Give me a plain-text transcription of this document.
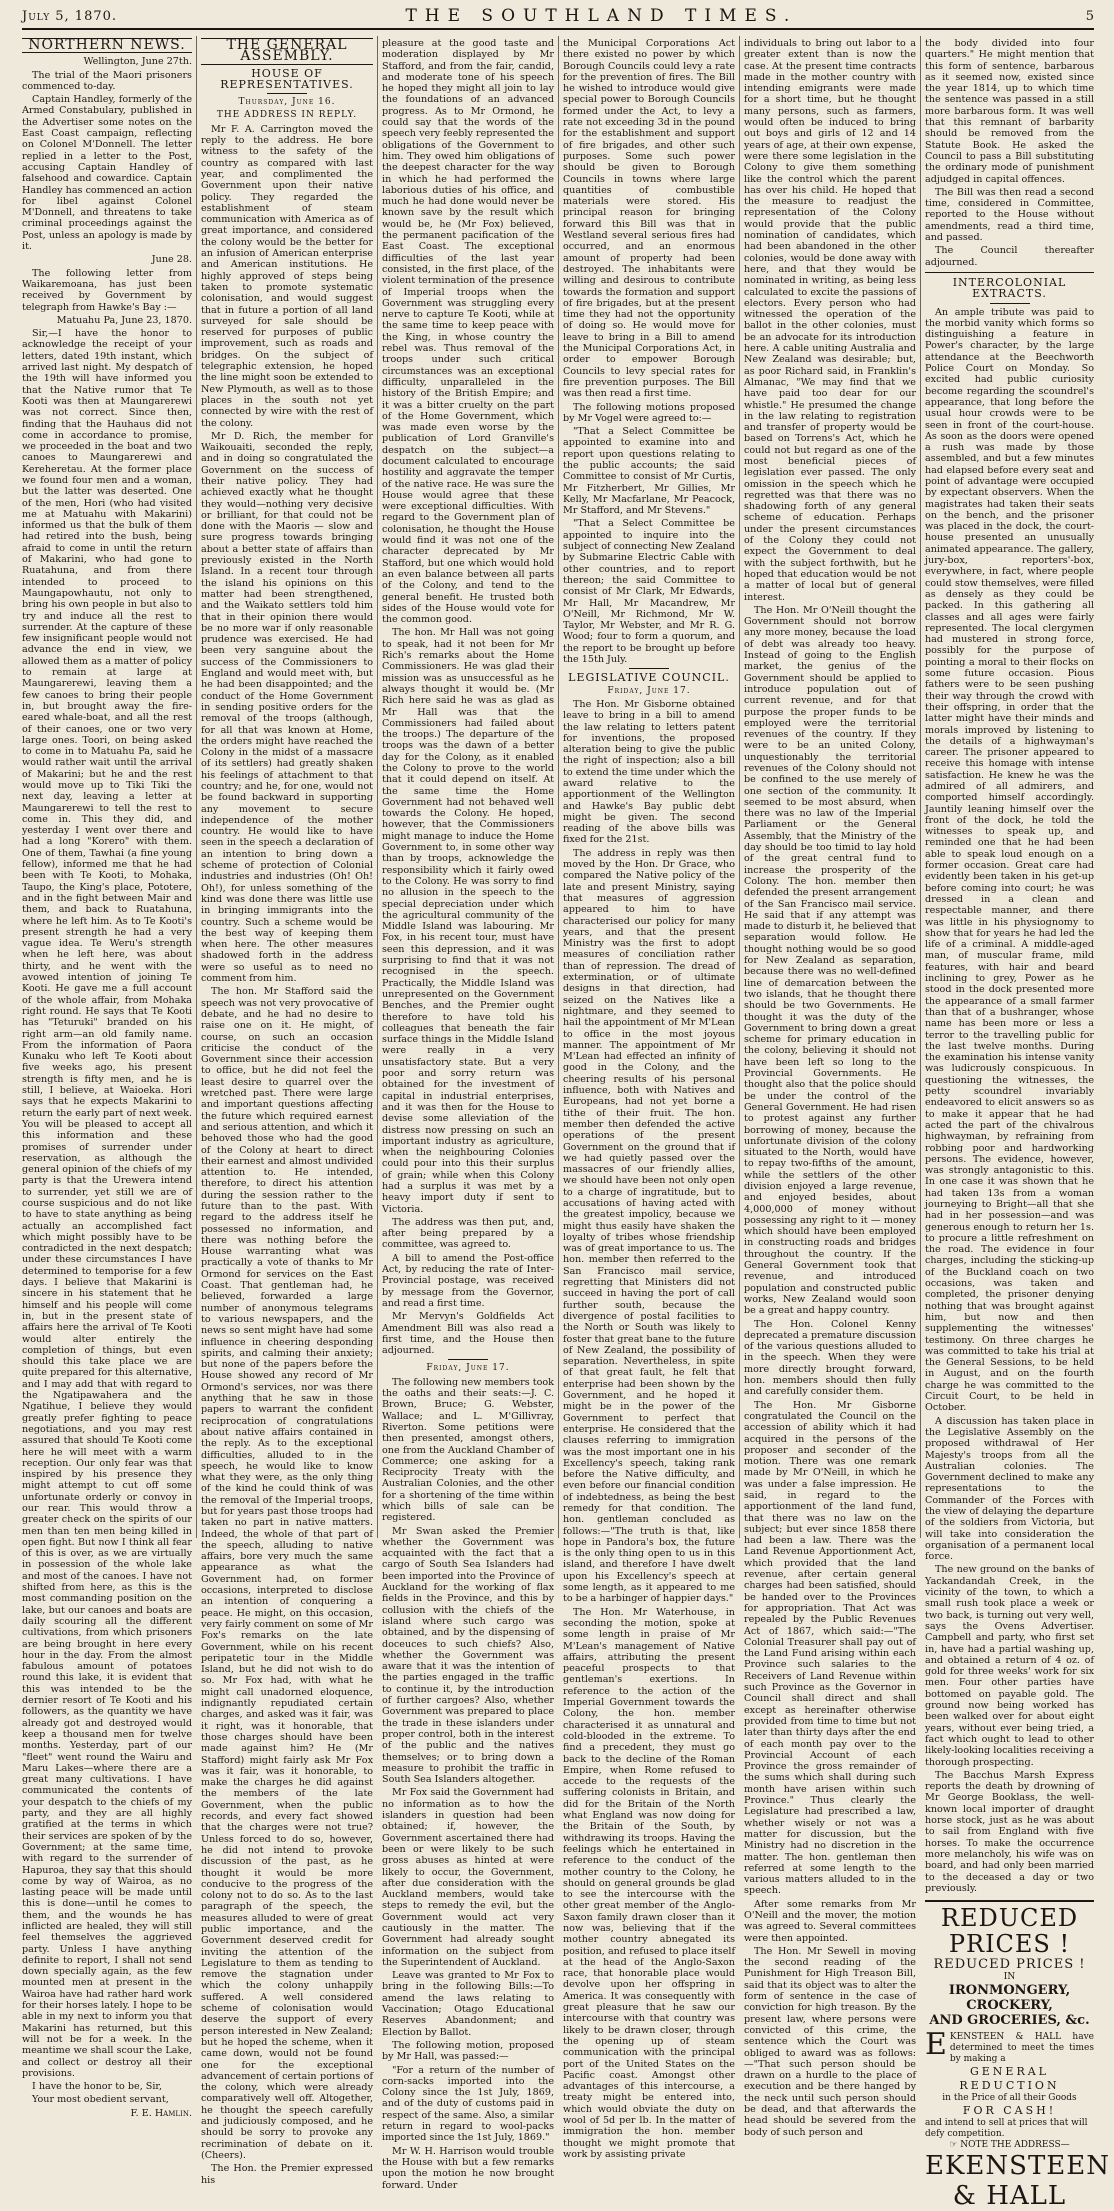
July 5, 1870.	THE SOUTHLAND TIMES.	5
NORTHERN NEWS.

Wellington, June 27th.

The trial of the Maori prisoners commenced to-day.

Captain Handley, formerly of the Armed Constabulary, published in the Advertiser some notes on the East Coast campaign, reflecting on Colonel M'Donnell. The letter replied in a letter to the Post, accusing Captain Handley of falsehood and cowardice. Captain Handley has commenced an action for libel against Colonel M'Donnell, and threatens to take criminal proceedings against the Post, unless an apology is made by it.

June 28.

The following letter from Waikaremoana, has just been received by Government by telegraph from Hawke's Bay :—

Matuahu Pa, June 23, 1870.

Sir,—I have the honor to acknowledge the receipt of your letters, dated 19th instant, which arrived last night. My despatch of the 19th will have informed you that the Native rumor that Te Kooti was then at Maungarerewi was not correct. Since then, finding that the Hauhaus did not come in accordance to promise, we proceeded in the boat and two canoes to Maungarerewi and Kereheretau. At the former place we found four men and a woman, but the latter was deserted. One of the men, Hori (who had visited me at Matuahu with Makarini) informed us that the bulk of them had retired into the bush, being afraid to come in until the return of Makarini, who had gone to Ruatahuna, and from there intended to proceed to Maungapowhautu, not only to bring his own people in but also to try and induce all the rest to surrender. At the capture of these few insignificant people would not advance the end in view, we allowed them as a matter of policy to remain at large at Maungarerewi, leaving them a few canoes to bring their people in, but brought away the fire-eared whale-boat, and all the rest of their canoes, one or two very large ones. Toori, on being asked to come in to Matuahu Pa, said he would rather wait until the arrival of Makarini; but he and the rest would move up to Tiki Tiki the next day, leaving a letter at Maungarerewi to tell the rest to come in. This they did, and yesterday I went over there and had a long "Korero" with them. One of them, Tawhai (a fine young fellow), informed me that he had been with Te Kooti, to Mohaka, Taupo, the King's place, Pototere, and in the fight between Mair and them, and back to Ruatahuna, where he left him. As to Te Kooti's present strength he had a very vague idea. Te Weru's strength when he left here, was about thirty, and he went with the avowed intention of joining Te Kooti. He gave me a full account of the whole affair, from Mohaka right round. He says that Te Kooti has "Teturuki" branded on his right arm—an old family name. From the information of Paora Kunaku who left Te Kooti about five weeks ago, his present strength is fifty men, and he is still, I believe, at Waioeka. Hori says that he expects Makarini to return the early part of next week. You will be pleased to accept all this information and these promises of surrender under reservation, as although the general opinion of the chiefs of my party is that the Urewera intend to surrender, yet still we are of course suspicious and do not like to have to state anything as being actually an accomplished fact which might possibly have to be contradicted in the next despatch; under these circumstances I have determined to temporise for a few days. I believe that Makarini is sincere in his statement that he himself and his people will come in, but in the present state of affairs here the arrival of Te Kooti would alter entirely the completion of things, but even should this take place we are quite prepared for this alternative, and I may add that with regard to the Ngatipawahera and the Ngatihue, I believe they would greatly prefer fighting to peace negotiations, and you may rest assured that should Te Kooti come here he will meet with a warm reception. Our only fear was that inspired by his presence they might attempt to cut off some unfortunate orderly or convoy in our rear. This would throw a greater check on the spirits of our men than ten men being killed in open fight. But now I think all fear of this is over, as we are virtually in possession of the whole lake and most of the canoes. I have not shifted from here, as this is the most commanding position on the lake, but our canoes and boats are daily scouring all the different cultivations, from which prisoners are being brought in here every hour in the day. From the almost fabulous amount of potatoes round this lake, it is evident that this was intended to be the dernier resort of Te Kooti and his followers, as the quantity we have already got and destroyed would keep a thousand men for twelve months. Yesterday, part of our "fleet" went round the Wairu and Maru Lakes—where there are a great many cultivations. I have communicated the contents of your despatch to the chiefs of my party, and they are all highly gratified at the terms in which their services are spoken of by the Government; at the same time, with regard to the surrender of Hapuroa, they say that this should come by way of Wairoa, as no lasting peace will be made until this is done—until he comes to them, and the wounds he has inflicted are healed, they will still feel themselves the aggrieved party. Unless I have anything definite to report, I shall not send down specially again, as the few mounted men at present in the Wairoa have had rather hard work for their horses lately. I hope to be able in my next to inform you that Makarini has returned, but this will not be for a week. In the meantime we shall scour the Lake, and collect or destroy all their provisions.

I have the honor to be, Sir,

Your most obedient servant,

F. E. Hamlin.

THE GENERAL ASSEMBLY.
HOUSE OF REPRESENTATIVES.
Thursday, June 16.
THE ADDRESS IN REPLY.

Mr F. A. Carrington moved the reply to the address. He bore witness to the safety of the country as compared with last year, and complimented the Government upon their native policy. They regarded the establishment of steam communication with America as of great importance, and considered the colony would be the better for an infusion of American enterprise and American institutions. He highly approved of steps being taken to promote systematic colonisation, and would suggest that in future a portion of all land surveyed for sale should be reserved for purposes of public improvement, such as roads and bridges. On the subject of telegraphic extension, he hoped the line might soon be extended to New Plymouth, as well as to those places in the south not yet connected by wire with the rest of the colony.

Mr D. Rich, the member for Waikouaiti, seconded the reply, and in doing so congratulated the Government on the success of their native policy. They had achieved exactly what he thought they would—nothing very decisive or brilliant, for that could not be done with the Maoris — slow and sure progress towards bringing about a better state of affairs than previously existed in the North Island. In a recent tour through the island his opinions on this matter had been strengthened, and the Waikato settlers told him that in their opinion there would be no more war if only reasonable prudence was exercised. He had been very sanguine about the success of the Commissioners to England and would meet with, but he had been disappointed; and the conduct of the Home Government in sending positive orders for the removal of the troops (although, for all that was known at Home, the orders might have reached the Colony in the midst of a massacre of its settlers) had greatly shaken his feelings of attachment to that country; and he, for one, would not be found backward in supporting any movement to secure independence of the mother country. He would like to have seen in the speech a declaration of an intention to bring down a scheme of protection of Colonial industries and industries (Oh! Oh! Oh!), for unless something of the kind was done there was little use in bringing immigrants into the country. Such a scheme would be the best way of keeping them when here. The other measures shadowed forth in the address were so useful as to need no comment from him.

The hon. Mr Stafford said the speech was not very provocative of debate, and he had no desire to raise one on it. He might, of course, on such an occasion criticise the conduct of the Government since their accession to office, but he did not feel the least desire to quarrel over the wretched past. There were large and important questions affecting the future which required earnest and serious attention, and which it behoved those who had the good of the Colony at heart to direct their earnest and almost undivided attention to. He intended, therefore, to direct his attention during the session rather to the future than to the past. With regard to the address itself he possessed no information, and there was nothing before the House warranting what was practically a vote of thanks to Mr Ormond for services on the East Coast. That gentleman had, he believed, forwarded a large number of anonymous telegrams to various newspapers, and the news so sent might have had some influence in cheering desponding spirits, and calming their anxiety; but none of the papers before the House showed any record of Mr Ormond's services, nor was there anything that he saw in those papers to warrant the confident reciprocation of congratulations about native affairs contained in the reply. As to the exceptional difficulties, alluded to in the speech, he would like to know what they were, as the only thing of the kind he could think of was the removal of the Imperial troops, but for years past those troops had taken no part in native matters. Indeed, the whole of that part of the speech, alluding to native affairs, bore very much the same appearance as what the Government had, on former occasions, interpreted to disclose an intention of conquering a peace. He might, on this occasion, very fairly comment on some of Mr Fox's remarks on the late Government, while on his recent peripatetic tour in the Middle Island, but he did not wish to do so. Mr Fox had, with what he might call unadorned eloquence, indignantly repudiated certain charges, and asked was it fair, was it right, was it honorable, that those charges should have been made against him? He (Mr Stafford) might fairly ask Mr Fox was it fair, was it honorable, to make the charges he did against the members of the late Government, when the public records, and every fact showed that the charges were not true? Unless forced to do so, however, he did not intend to provoke discussion of the past, as he thought it would be more conducive to the progress of the colony not to do so. As to the last paragraph of the speech, the measures alluded to were of great public importance, and the Government deserved credit for inviting the attention of the Legislature to them as tending to remove the stagnation under which the colony unhappily suffered. A well considered scheme of colonisation would deserve the support of every person interested in New Zealand; but he hoped the scheme, when it came down, would not be found one for the exceptional advancement of certain portions of the colony, which were already comparatively well off. Altogether, he thought the speech carefully and judiciously composed, and he should be sorry to provoke any recrimination of debate on it. (Cheers).

The Hon. the Premier expressed his

pleasure at the good taste and moderation displayed by Mr Stafford, and from the fair, candid, and moderate tone of his speech he hoped they might all join to lay the foundations of an advanced progress. As to Mr Ormond, he could say that the words of the speech very feebly represented the obligations of the Government to him. They owed him obligations of the deepest character for the way in which he had performed the laborious duties of his office, and much he had done would never be known save by the result which would be, he (Mr Fox) believed, the permanent pacification of the East Coast. The exceptional difficulties of the last year consisted, in the first place, of the violent termination of the presence of Imperial troops when the Government was struggling every nerve to capture Te Kooti, while at the same time to keep peace with the King, in whose country the rebel was. Thus removal of the troops under such critical circumstances was an exceptional difficulty, unparalleled in the history of the British Empire; and it was a bitter cruelty on the part of the Home Government, which was made even worse by the publication of Lord Granville's despatch on the subject—a document calculated to encourage hostility and aggravate the temper of the native race. He was sure the House would agree that these were exceptional difficulties. With regard to the Government plan of colonisation, he thought the House would find it was not one of the character deprecated by Mr Stafford, but one which would hold an even balance between all parts of the Colony, and tend to the general benefit. He trusted both sides of the House would vote for the common good.

The hon. Mr Hall was not going to speak, had it not been for Mr Rich's remarks about the Home Commissioners. He was glad their mission was as unsuccessful as he always thought it would be. (Mr Rich here said he was as glad as Mr Hall was that the Commissioners had failed about the troops.) The departure of the troops was the dawn of a better day for the Colony, as it enabled the Colony to prove to the world that it could depend on itself. At the same time the Home Government had not behaved well towards the Colony. He hoped, however, that the Commissioners might manage to induce the Home Government to, in some other way than by troops, acknowledge the responsibility which it fairly owed to the Colony. He was sorry to find no allusion in the speech to the special depreciation under which the agricultural community of the Middle Island was labouring. Mr Fox, in his recent tour, must have seen this depression, and it was surprising to find that it was not recognised in the speech. Practically, the Middle Island was unrepresented on the Government Benches, and the Premier ought therefore to have told his colleagues that beneath the fair surface things in the Middle Island were really in a very unsatisfactory state. But a very poor and sorry return was obtained for the investment of capital in industrial enterprises, and it was then for the House to devise some alleviation of the distress now pressing on such an important industry as agriculture, when the neighbouring Colonies could pour into this their surplus of grain; while when this Colony had a surplus it was met by a heavy import duty if sent to Victoria.

The address was then put, and, after being prepared by a committee, was agreed to.

A bill to amend the Post-office Act, by reducing the rate of Inter-Provincial postage, was received by message from the Governor, and read a first time.

Mr Mervyn's Goldfields Act Amendment Bill was also read a first time, and the House then adjourned.

Friday, June 17.

The following new members took the oaths and their seats:—J. C. Brown, Bruce; G. Webster, Wallace; and L. M'Gillivray, Riverton. Some petitions were then presented, amongst others, one from the Auckland Chamber of Commerce; one asking for a Reciprocity Treaty with the Australian Colonies, and the other for a shortening of the time within which bills of sale can be registered.

Mr Swan asked the Premier whether the Government was acquainted with the fact that a cargo of South Sea Islanders had been imported into the Province of Auckland for the working of flax fields in the Province, and this by collusion with the chiefs of the island where such cargo was obtained, and by the dispensing of doceuces to such chiefs? Also, whether the Government was aware that it was the intention of the parties engaged in the traffic to continue it, by the introduction of further cargoes? Also, whether Government was prepared to place the trade in these islanders under proper control, both in the interest of the public and the natives themselves; or to bring down a measure to prohibit the traffic in South Sea Islanders altogether.

Mr Fox said the Government had no information as to how the islanders in question had been obtained; if, however, the Government ascertained there had been or were likely to be such gross abuses as hinted at were likely to occur, the Government, after due consideration with the Auckland members, would take steps to remedy the evil, but the Government would act very cautiously in the matter. The Government had already sought information on the subject from the Superintendent of Auckland.

Leave was granted to Mr Fox to bring in the following Bills:—To amend the laws relating to Vaccination; Otago Educational Reserves Abandonment; and Election by Ballot.

The following motion, proposed by Mr Hall, was passed:—

"For a return of the number of corn-sacks imported into the Colony since the 1st July, 1869, and of the duty of customs paid in respect of the same. Also, a similar return in regard to wool-packs imported since the 1st July, 1869."

Mr W. H. Harrison would trouble the House with but a few remarks upon the motion he now brought forward. Under

the Municipal Corporations Act there existed no power by which Borough Councils could levy a rate for the prevention of fires. The Bill he wished to introduce would give special power to Borough Councils formed under the Act, to levy a rate not exceeding 3d in the pound for the establishment and support of fire brigades, and other such purposes. Some such power should be given to Borough Councils in towns where large quantities of combustible materials were stored. His principal reason for bringing forward this Bill was that in Westland several serious fires had occurred, and an enormous amount of property had been destroyed. The inhabitants were willing and desirous to contribute towards the formation and support of fire brigades, but at the present time they had not the opportunity of doing so. He would move for leave to bring in a Bill to amend the Municipal Corporations Act, in order to empower Borough Councils to levy special rates for fire prevention purposes. The Bill was then read a first time.

The following motions proposed by Mr Vogel were agreed to:—

"That a Select Committee be appointed to examine into and report upon questions relating to the public accounts; the said Committee to consist of Mr Curtis, Mr Fitzherbert, Mr Gillies, Mr Kelly, Mr Macfarlane, Mr Peacock, Mr Stafford, and Mr Stevens."

"That a Select Committee be appointed to inquire into the subject of connecting New Zealand by Submarine Electric Cable with other countries, and to report thereon; the said Committee to consist of Mr Clark, Mr Edwards, Mr Hall, Mr Macandrew, Mr O'Neill, Mr Richmond, Mr W. Taylor, Mr Webster, and Mr R. G. Wood; four to form a quorum, and the report to be brought up before the 15th July.

LEGISLATIVE COUNCIL.
Friday, June 17.

The Hon. Mr Gisborne obtained leave to bring in a bill to amend the law relating to letters patent for inventions, the proposed alteration being to give the public the right of inspection; also a bill to extend the time under which the award relative to the apportionment of the Wellington and Hawke's Bay public debt might be given. The second reading of the above bills was fixed for the 21st.

The address in reply was then moved by the Hon. Dr Grace, who compared the Native policy of the late and present Ministry, saying that measures of aggression appeared to him to have characterised our policy for many years, and that the present Ministry was the first to adopt measures of conciliation rather than of repression. The dread of extermination, or of ultimate designs in that direction, had seized on the Natives like a nightmare, and they seemed to hail the appointment of Mr M'Lean to office in the most joyous manner. The appointment of Mr M'Lean had effected an infinity of good in the Colony, and the cheering results of his personal influence, both with Natives and Europeans, had not yet borne a tithe of their fruit. The hon. member then defended the active operations of the present Government on the ground that if we had quietly passed over the massacres of our friendly allies, we should have been not only open to a charge of ingratitude, but to accusations of having acted with the greatest impolicy, because we might thus easily have shaken the loyalty of tribes whose friendship was of great importance to us. The hon. member then referred to the San Francisco mail service, regretting that Ministers did not succeed in having the port of call further south, because the divergence of postal facilities to the North or South was likely to foster that great bane to the future of New Zealand, the possibility of separation. Nevertheless, in spite of that great fault, he felt that enterprise had been shown by the Government, and he hoped it might be in the power of the Government to perfect that enterprise. He considered that the clauses referring to immigration was the most important one in his Excellency's speech, taking rank before the Native difficulty, and even before our financial condition of indebtedness, as being the best remedy for that condition. The hon. gentleman concluded as follows:—"The truth is that, like hope in Pandora's box, the future is the only thing open to us in this island, and therefore I have dwelt upon his Excellency's speech at some length, as it appeared to me to be a harbinger of happier days."

The Hon. Mr Waterhouse, in seconding the motion, spoke at some length in praise of Mr M'Lean's management of Native affairs, attributing the present peaceful prospects to that gentleman's exertions. In reference to the action of the Imperial Government towards the Colony, the hon. member characterised it as unnatural and cold-blooded in the extreme. To find a precedent, they must go back to the decline of the Roman Empire, when Rome refused to accede to the requests of the suffering colonists in Britain, and did for the Britain of the North what England was now doing for the Britain of the South, by withdrawing its troops. Having the feelings which he entertained in reference to the conduct of the mother country to the Colony, he should on general grounds be glad to see the intercourse with the other great member of the Anglo-Saxon family drawn closer than it now was, believing that if the mother country abnegated its position, and refused to place itself at the head of the Anglo-Saxon race, that honorable place would devolve upon her offspring in America. It was consequently with great pleasure that he saw our intercourse with that country was likely to be drawn closer, through the opening up of steam communication with the principal port of the United States on the Pacific coast. Amongst other advantages of this intercourse, a treaty might be entered into, which would obviate the duty on wool of 5d per lb. In the matter of immigration the hon. member thought we might promote that work by assisting private

individuals to bring out labor to a greater extent than is now the case. At the present time contracts made in the mother country with intending emigrants were made for a short time, but he thought many persons, such as farmers, would often be induced to bring out boys and girls of 12 and 14 years of age, at their own expense, were there some legislation in the Colony to give them something like the control which the parent has over his child. He hoped that the measure to readjust the representation of the Colony would provide that the public nomination of candidates, which had been abandoned in the other colonies, would be done away with here, and that they would be nominated in writing, as being less calculated to excite the passions of electors. Every person who had witnessed the operation of the ballot in the other colonies, must be an advocate for its introduction here. A cable uniting Australia and New Zealand was desirable; but, as poor Richard said, in Franklin's Almanac, "We may find that we have paid too dear for our whistle." He presumed the change in the law relating to registration and transfer of property would be based on Torrens's Act, which he could not but regard as one of the most beneficial pieces of legislation ever passed. The only omission in the speech which he regretted was that there was no shadowing forth of any general scheme of education. Perhaps under the present circumstances of the Colony they could not expect the Government to deal with the subject forthwith, but he hoped that education would be not a matter of local but of general interest.

The Hon. Mr O'Neill thought the Government should not borrow any more money, because the load of debt was already too heavy. Instead of going to the English market, the genius of the Government should be applied to introduce population out of current revenue, and for that purpose the proper funds to be employed were the territorial revenues of the country. If they were to be an united Colony, unquestionably the territorial revenues of the Colony should not be confined to the use merely of one section of the community. It seemed to be most absurd, when there was no law of the Imperial Parliament or the General Assembly, that the Ministry of the day should be too timid to lay hold of the great central fund to increase the prosperity of the Colony. The hon. member then defended the present arrangement of the San Francisco mail service. He said that if any attempt was made to disturb it, he believed that separation would follow. He thought nothing would be so good for New Zealand as separation, because there was no well-defined line of demarcation between the two islands, that he thought there should be two Governments. He thought it was the duty of the Government to bring down a great scheme for primary education in the colony, believing it should not have been left so long to the Provincial Governments. He thought also that the police should be under the control of the General Government. He had risen to protest against any further borrowing of money, because the unfortunate division of the colony situated to the North, would have to repay two-fifths of the amount, while the settlers of the other division enjoyed a large revenue, and enjoyed besides, about 4,000,000 of money without possessing any right to it — money which should have been employed in constructing roads and bridges throughout the country. If the General Government took that revenue, and introduced population and constructed public works, New Zealand would soon be a great and happy country.

The Hon. Colonel Kenny deprecated a premature discussion of the various questions alluded to in the speech. When they were more directly brought forward, hon. members should then fully and carefully consider them.

The Hon. Mr Gisborne congratulated the Council on the accession of ability which it had acquired in the persons of the proposer and seconder of the motion. There was one remark made by Mr O'Neill, in which he was under a false impression. He said, in regard to the apportionment of the land fund, that there was no law on the subject; but ever since 1858 there had been a law. There was the Land Revenue Apportionment Act, which provided that the land revenue, after certain general charges had been satisfied, should be handed over to the Provinces for appropriation. That Act was repealed by the Public Revenues Act of 1867, which said:—"The Colonial Treasurer shall pay out of the Land Fund arising within each Province such salaries to the Receivers of Land Revenue within such Province as the Governor in Council shall direct and shall except as hereinafter otherwise provided from time to time but not later than thirty days after the end of each month pay over to the Provincial Account of each Province the gross remainder of the sums which shall during such month have arisen within such Province." Thus clearly the Legislature had prescribed a law, whether wisely or not was a matter for discussion, but the Ministry had no discretion in the matter. The hon. gentleman then referred at some length to the various matters alluded to in the speech.

After some remarks from Mr O'Neill and the mover, the motion was agreed to. Several committees were then appointed.

The Hon. Mr Sewell in moving the second reading of the Punishment for High Treason Bill, said that its object was to alter the form of sentence in the case of conviction for high treason. By the present law, where persons were convicted of this crime, the sentence which the Court was obliged to award was as follows:—"That such person should be drawn on a hurdle to the place of execution and be there hanged by the neck until such person should be dead, and that afterwards the head should be severed from the body of such person and

the body divided into four quarters." He might mention that this form of sentence, barbarous as it seemed now, existed since the year 1814, up to which time the sentence was passed in a still more barbarous form. It was well that this remnant of barbarity should be removed from the Statute Book. He asked the Council to pass a Bill substituting the ordinary mode of punishment adjudged in capital offences.

The Bill was then read a second time, considered in Committee, reported to the House without amendments, read a third time, and passed.

The Council thereafter adjourned.

INTERCOLONIAL EXTRACTS.

An ample tribute was paid to the morbid vanity which forms so distinguishing a feature in Power's character, by the large attendance at the Beechworth Police Court on Monday. So excited had public curiosity become regarding the scoundrel's appearance, that long before the usual hour crowds were to be seen in front of the court-house. As soon as the doors were opened a rush was made by those assembled, and but a few minutes had elapsed before every seat and point of advantage were occupied by expectant observers. When the magistrates had taken their seats on the bench, and the prisoner was placed in the dock, the court-house presented an unusually animated appearance. The gallery, jury-box, reporters'-box, everywhere, in fact, where people could stow themselves, were filled as densely as they could be packed. In this gathering all classes and all ages were fairly represented. The local clergymen had mustered in strong force, possibly for the purpose of pointing a moral to their flocks on some future occasion. Pious fathers were to be seen pushing their way through the crowd with their offspring, in order that the latter might have their minds and morals improved by listening to the details of a highwayman's career. The prisoner appeared to receive this homage with intense satisfaction. He knew he was the admired of all admirers, and comported himself accordingly. Jauntily leaning himself over the front of the dock, he told the witnesses to speak up, and reminded one that he had been able to speak loud enough on a former occasion. Great care had evidently been taken in his get-up before coming into court; he was dressed in a clean and respectable manner, and there was little in his physiognomy to show that for years he had led the life of a criminal. A middle-aged man, of muscular frame, mild features, with hair and beard inclining to grey, Power as he stood in the dock presented more the appearance of a small farmer than that of a bushranger, whose name has been more or less a terror to the travelling public for the last twelve months. During the examination his intense vanity was ludicrously conspicuous. In questioning the witnesses, the petty scoundrel invariably endeavored to elicit answers so as to make it appear that he had acted the part of the chivalrous highwayman, by refraining from robbing poor and hardworking persons. The evidence, however, was strongly antagonistic to this. In one case it was shown that he had taken 13s from a woman journeying to Bright—all that she had in her possession—and was generous enough to return her 1s. to procure a little refreshment on the road. The evidence in four charges, including the sticking-up of the Buckland coach on two occasions, was taken and completed, the prisoner denying nothing that was brought against him, but now and then supplementing the witnesses' testimony. On three charges he was committed to take his trial at the General Sessions, to be held in August, and on the fourth charge he was committed to the Circuit Court, to be held in October.

A discussion has taken place in the Legislative Assembly on the proposed withdrawal of Her Majesty's troops from all the Australian colonies. The Government declined to make any representations to the Commander of the Forces with the view of delaying the departure of the soldiers from Victoria, but will take into consideration the organisation of a permanent local force.

The new ground on the banks of Yackandandah Creek, in the vicinity of the town, to which a small rush took place a week or two back, is turning out very well, says the Ovens Advertiser. Campbell and party, who first set in, have had a partial washing up, and obtained a return of 4 oz. of gold for three weeks' work for six men. Four other parties have bottomed on payable gold. The ground now being worked has been walked over for about eight years, without ever being tried, a fact which ought to lead to other likely-looking localities receiving a thorough prospecting.

The Bacchus Marsh Express reports the death by drowning of Mr George Booklass, the well-known local importer of draught horse stock, just as he was about to sail from England with five horses. To make the occurrence more melancholy, his wife was on board, and had only been married to the deceased a day or two previously.

REDUCED PRICES !
REDUCED PRICES !
IN
IRONMONGERY, CROCKERY,
AND GROCERIES, &c.
E KENSTEEN & HALL have determined to meet the times by making a
GENERAL REDUCTION
in the Price of all their Goods
FOR CASH!
and intend to sell at prices that will defy competition.
☞ NOTE THE ADDRESS—
EKENSTEEN & HALL
